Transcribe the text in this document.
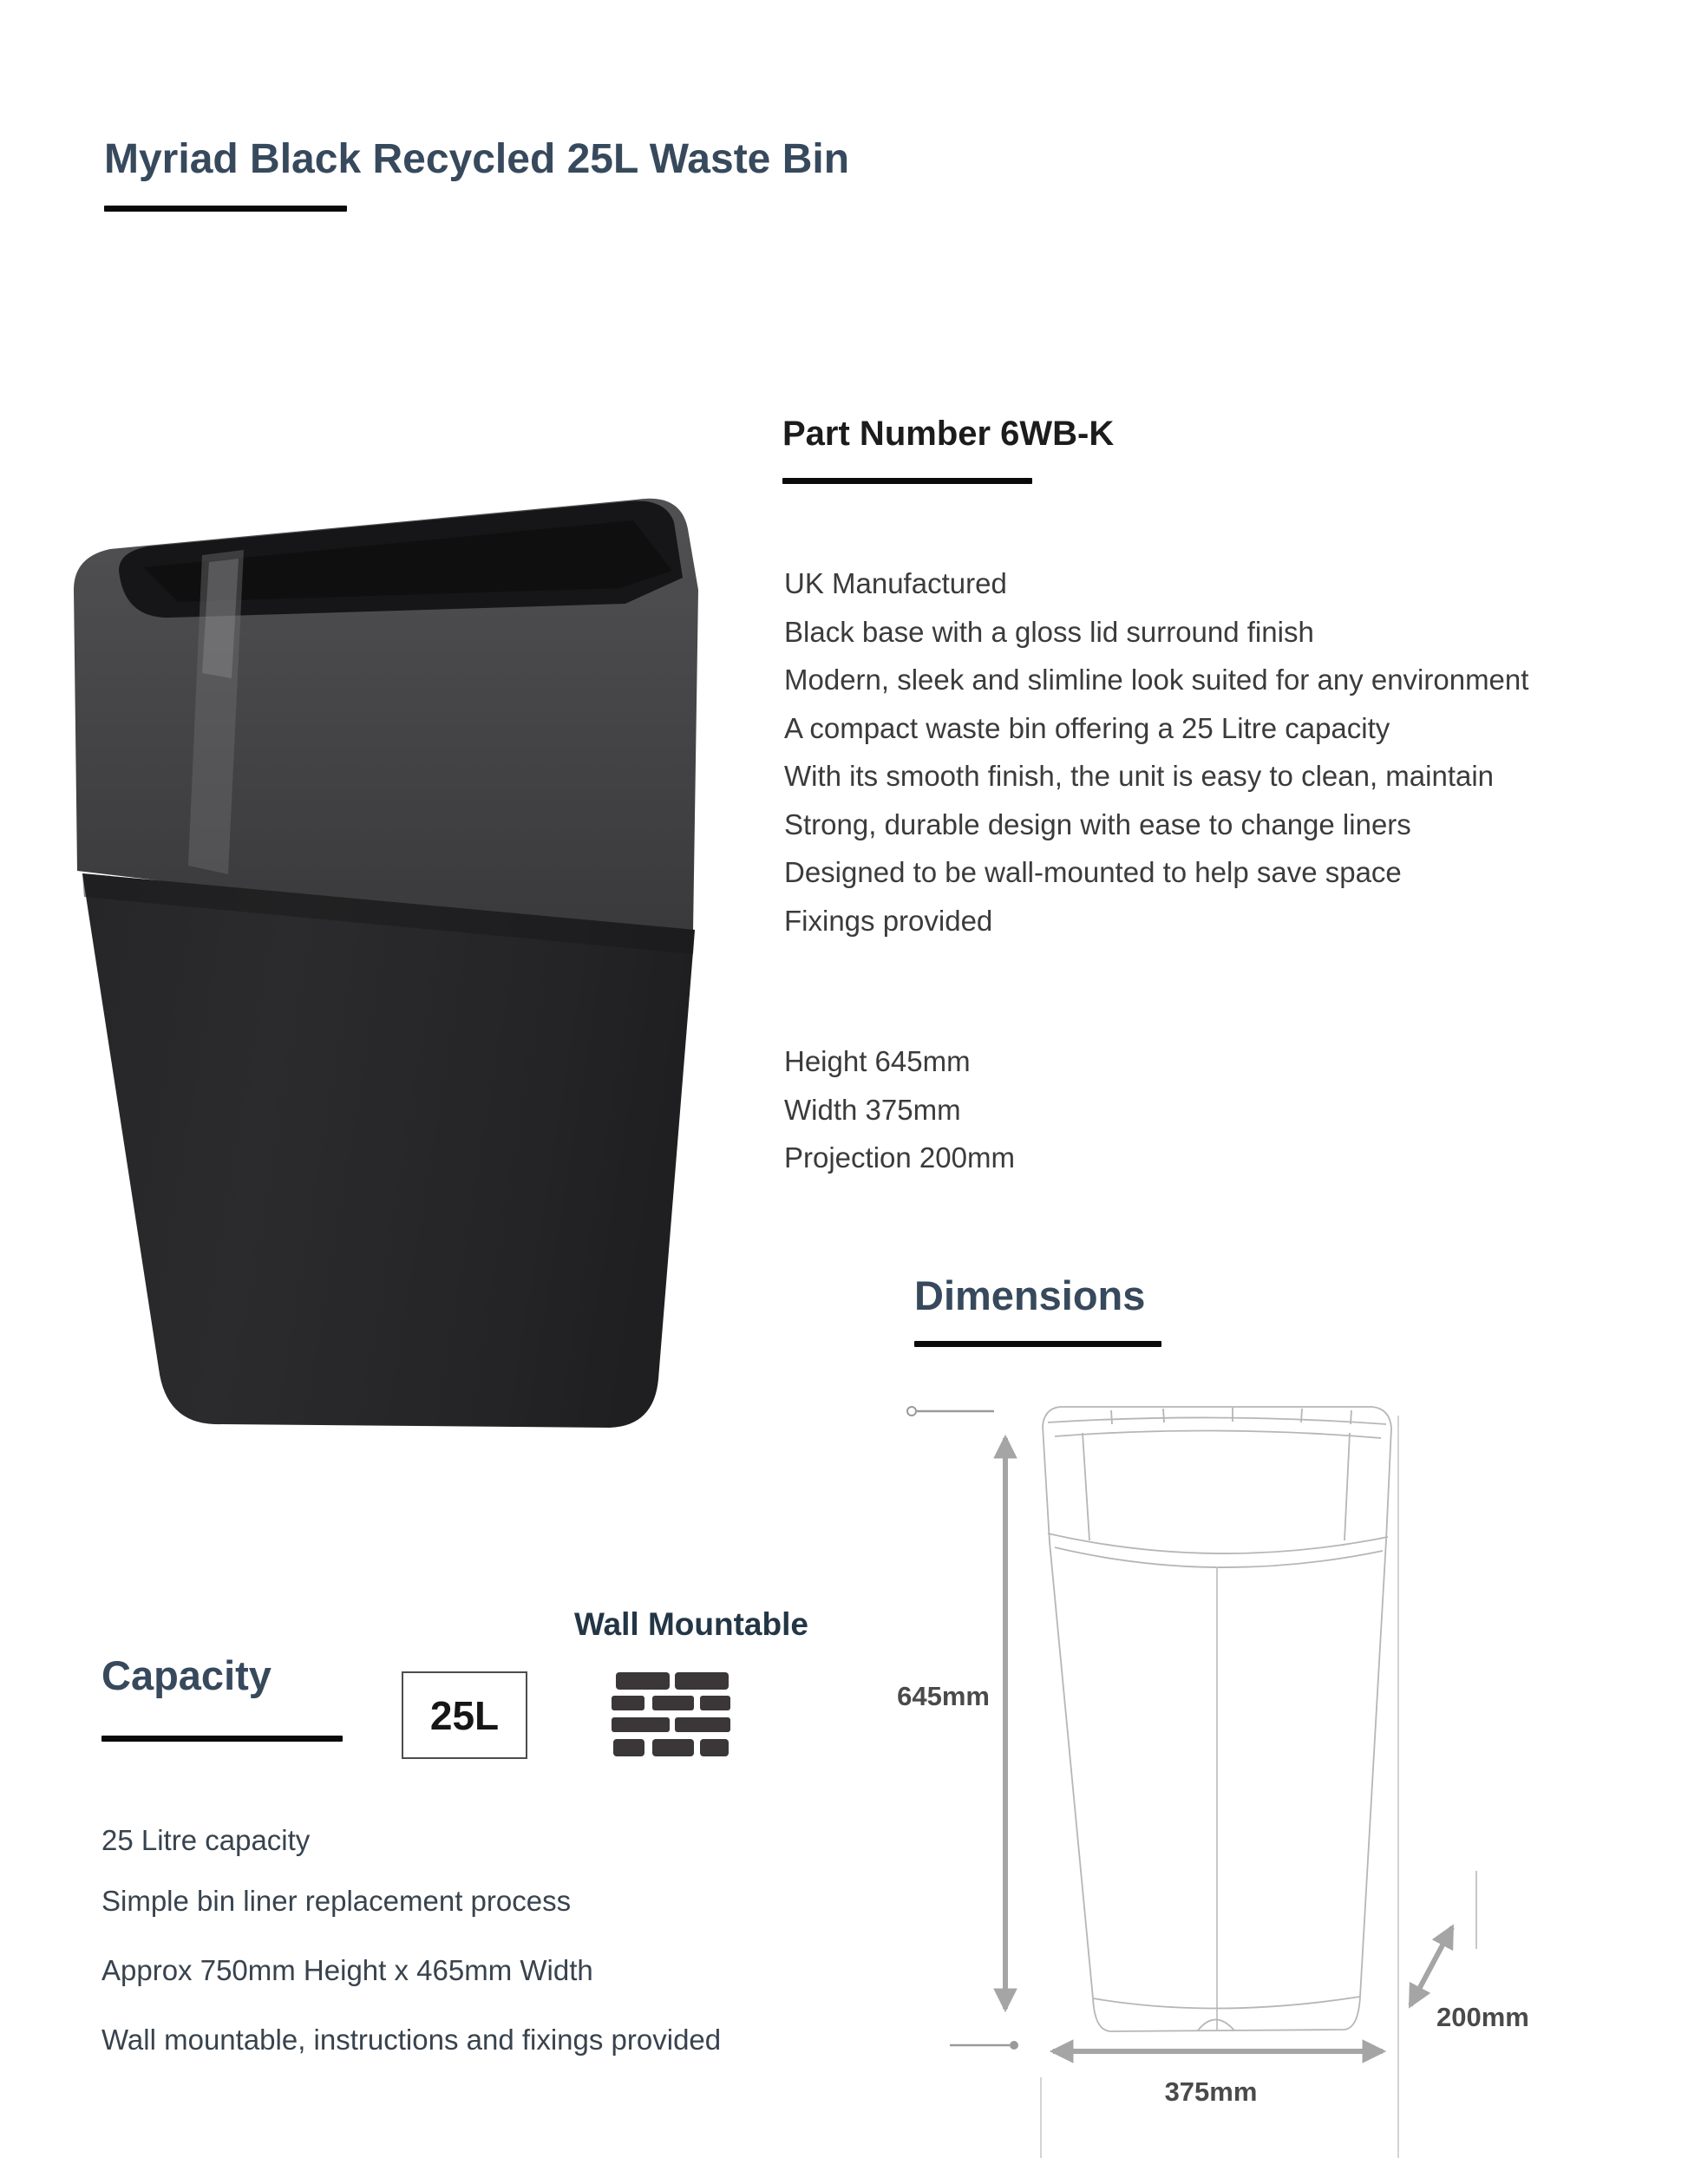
Myriad Black Recycled 25L Waste Bin
Part Number 6WB-K
UK Manufactured
Black base with a gloss lid surround finish
Modern, sleek and slimline look suited for any environment
A compact waste bin offering a 25 Litre capacity
With its smooth finish, the unit is easy to clean, maintain
Strong, durable design with ease to change liners
Designed to be wall-mounted to help save space
Fixings provided
Height 645mm
Width 375mm
Projection 200mm
Dimensions
645mm
375mm
200mm
Wall Mountable
Capacity
25L
25 Litre capacity
Simple bin liner replacement process
Approx 750mm Height x 465mm Width
Wall mountable, instructions and fixings provided
